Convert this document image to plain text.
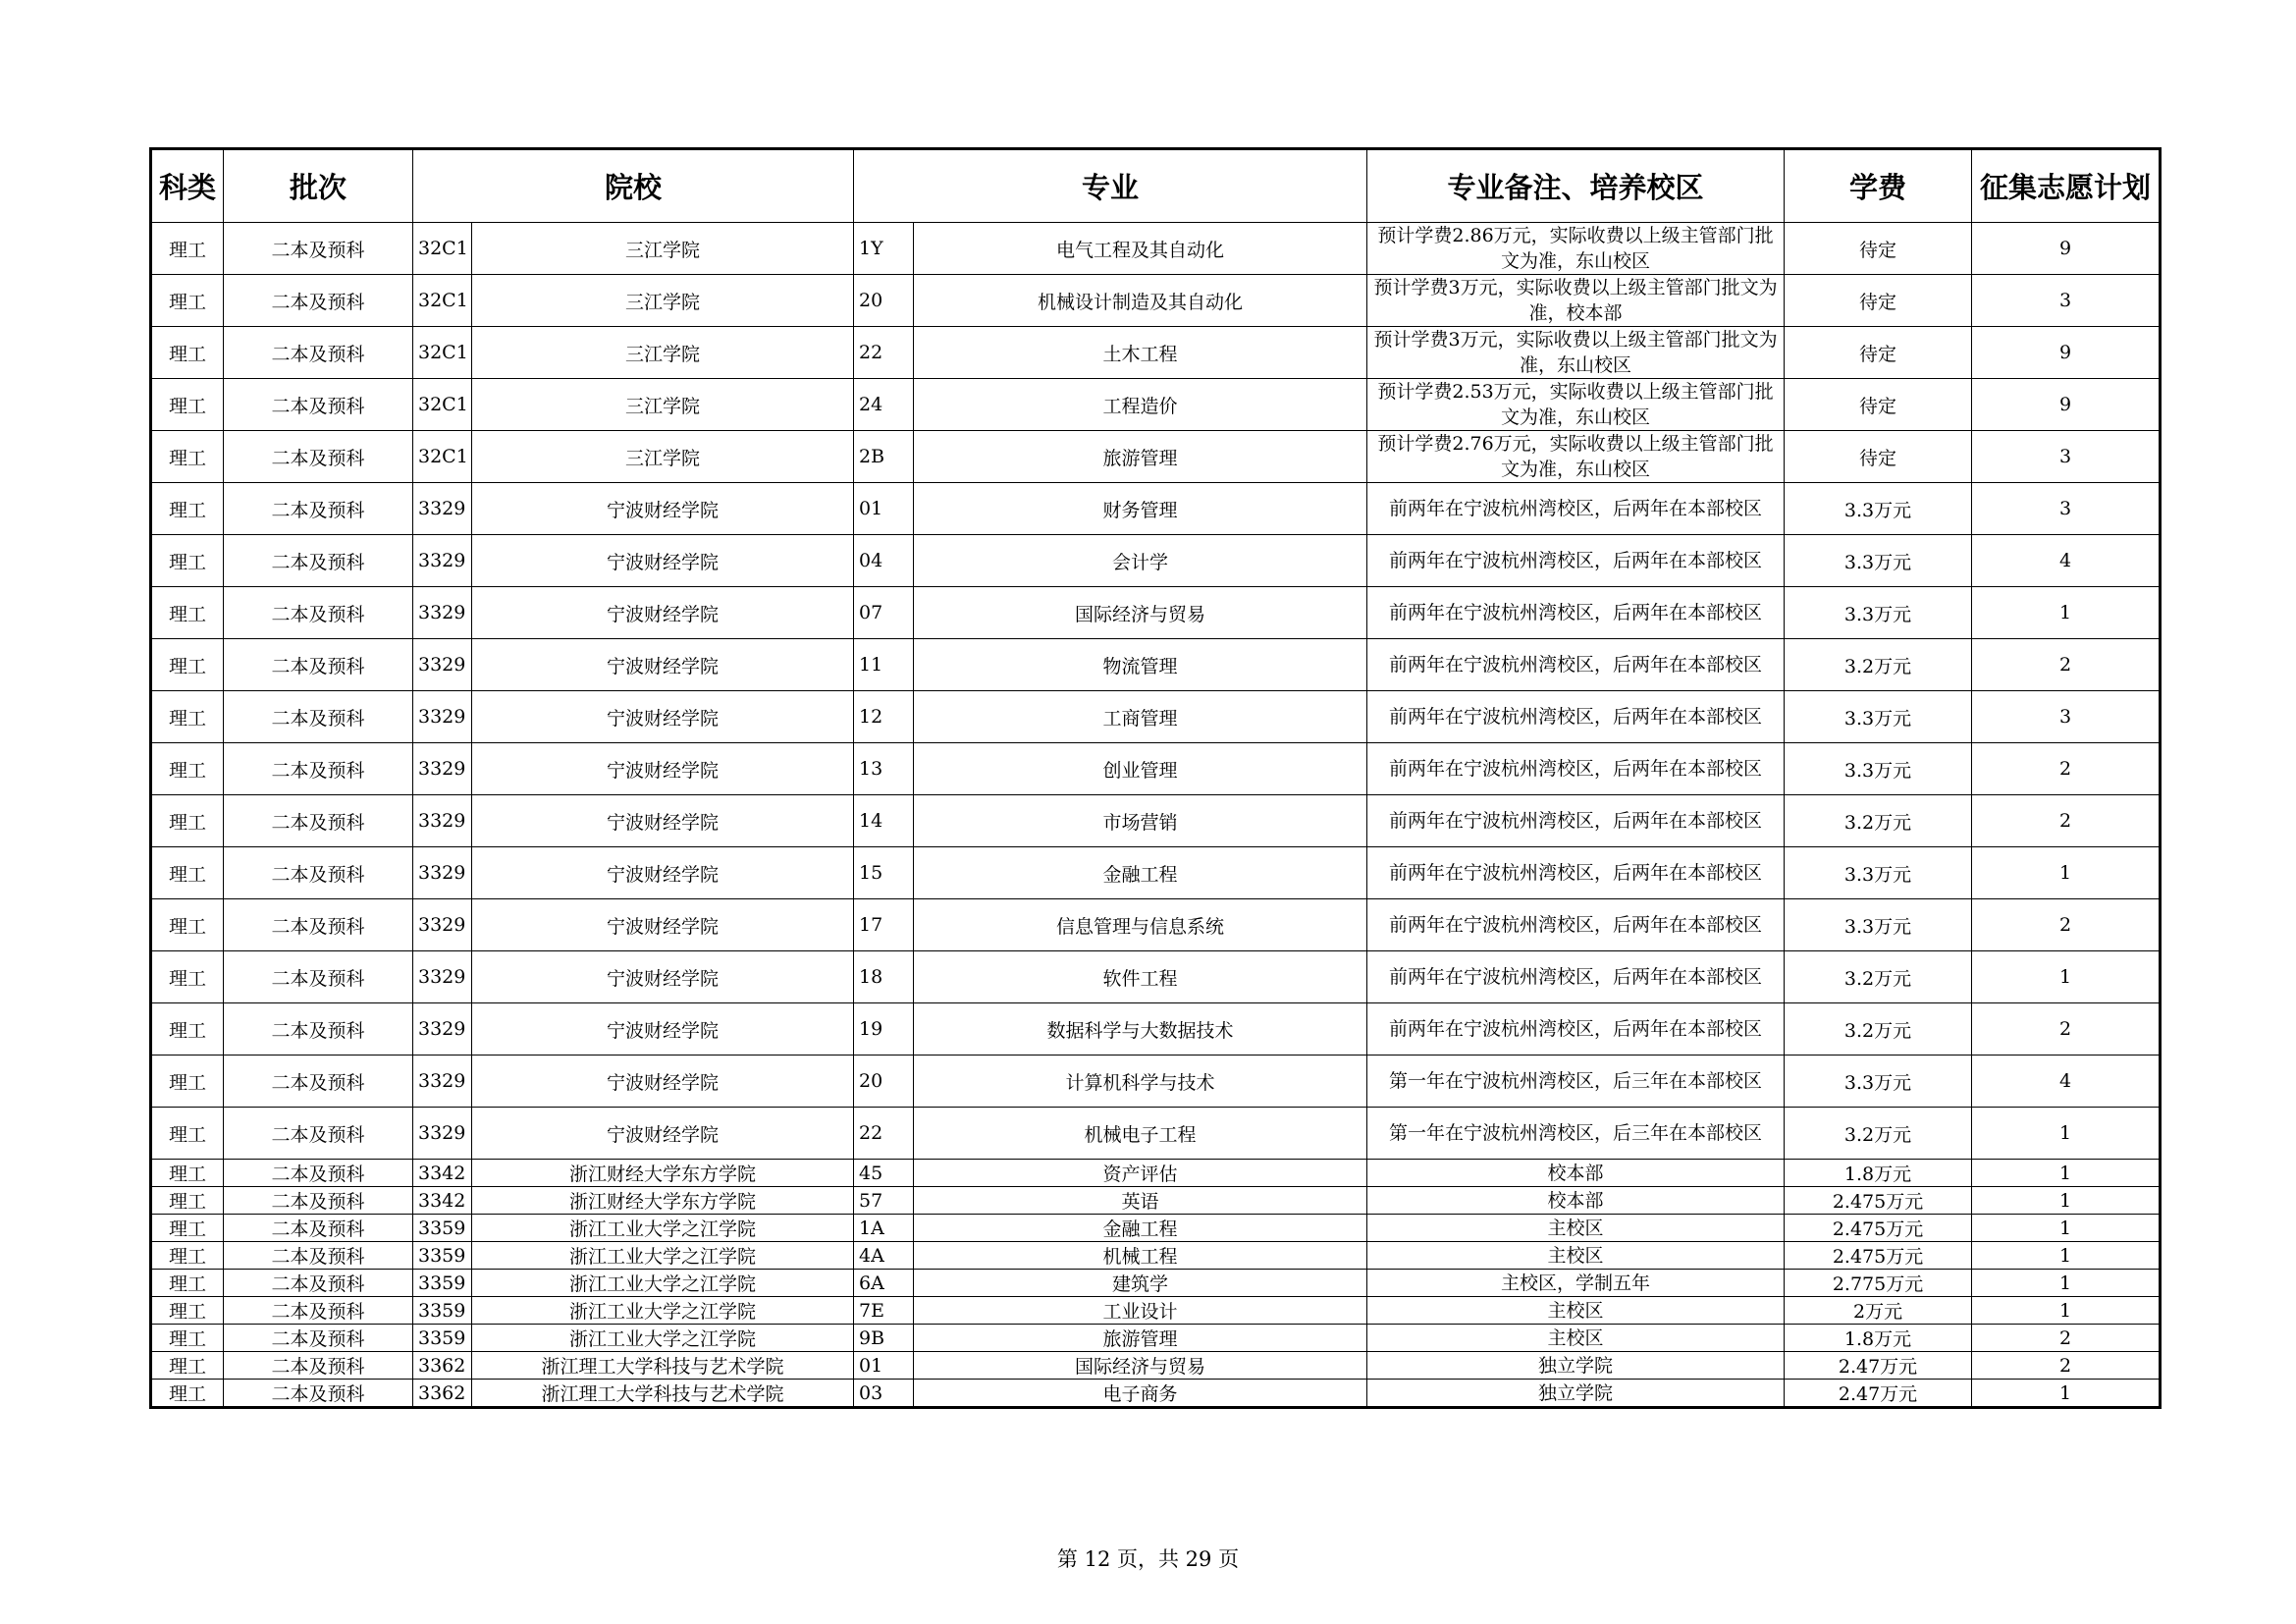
科类	批次	院校		专业		专业备注、培养校区	学费	征集志愿计划
理工	二本及预科	32C1	三江学院	1Y	电气工程及其自动化	预计学费2.86万元，实际收费以上级主管部门批文为准，东山校区	待定	9
理工	二本及预科	32C1	三江学院	20	机械设计制造及其自动化	预计学费3万元，实际收费以上级主管部门批文为准，校本部	待定	3
理工	二本及预科	32C1	三江学院	22	土木工程	预计学费3万元，实际收费以上级主管部门批文为准，东山校区	待定	9
理工	二本及预科	32C1	三江学院	24	工程造价	预计学费2.53万元，实际收费以上级主管部门批文为准，东山校区	待定	9
理工	二本及预科	32C1	三江学院	2B	旅游管理	预计学费2.76万元，实际收费以上级主管部门批文为准，东山校区	待定	3
理工	二本及预科	3329	宁波财经学院	01	财务管理	前两年在宁波杭州湾校区，后两年在本部校区	3.3万元	3
理工	二本及预科	3329	宁波财经学院	04	会计学	前两年在宁波杭州湾校区，后两年在本部校区	3.3万元	4
理工	二本及预科	3329	宁波财经学院	07	国际经济与贸易	前两年在宁波杭州湾校区，后两年在本部校区	3.3万元	1
理工	二本及预科	3329	宁波财经学院	11	物流管理	前两年在宁波杭州湾校区，后两年在本部校区	3.2万元	2
理工	二本及预科	3329	宁波财经学院	12	工商管理	前两年在宁波杭州湾校区，后两年在本部校区	3.3万元	3
理工	二本及预科	3329	宁波财经学院	13	创业管理	前两年在宁波杭州湾校区，后两年在本部校区	3.3万元	2
理工	二本及预科	3329	宁波财经学院	14	市场营销	前两年在宁波杭州湾校区，后两年在本部校区	3.2万元	2
理工	二本及预科	3329	宁波财经学院	15	金融工程	前两年在宁波杭州湾校区，后两年在本部校区	3.3万元	1
理工	二本及预科	3329	宁波财经学院	17	信息管理与信息系统	前两年在宁波杭州湾校区，后两年在本部校区	3.3万元	2
理工	二本及预科	3329	宁波财经学院	18	软件工程	前两年在宁波杭州湾校区，后两年在本部校区	3.2万元	1
理工	二本及预科	3329	宁波财经学院	19	数据科学与大数据技术	前两年在宁波杭州湾校区，后两年在本部校区	3.2万元	2
理工	二本及预科	3329	宁波财经学院	20	计算机科学与技术	第一年在宁波杭州湾校区，后三年在本部校区	3.3万元	4
理工	二本及预科	3329	宁波财经学院	22	机械电子工程	第一年在宁波杭州湾校区，后三年在本部校区	3.2万元	1
理工	二本及预科	3342	浙江财经大学东方学院	45	资产评估	校本部	1.8万元	1
理工	二本及预科	3342	浙江财经大学东方学院	57	英语	校本部	2.475万元	1
理工	二本及预科	3359	浙江工业大学之江学院	1A	金融工程	主校区	2.475万元	1
理工	二本及预科	3359	浙江工业大学之江学院	4A	机械工程	主校区	2.475万元	1
理工	二本及预科	3359	浙江工业大学之江学院	6A	建筑学	主校区，学制五年	2.775万元	1
理工	二本及预科	3359	浙江工业大学之江学院	7E	工业设计	主校区	2万元	1
理工	二本及预科	3359	浙江工业大学之江学院	9B	旅游管理	主校区	1.8万元	2
理工	二本及预科	3362	浙江理工大学科技与艺术学院	01	国际经济与贸易	独立学院	2.47万元	2
理工	二本及预科	3362	浙江理工大学科技与艺术学院	03	电子商务	独立学院	2.47万元	1
第 12 页，共 29 页
